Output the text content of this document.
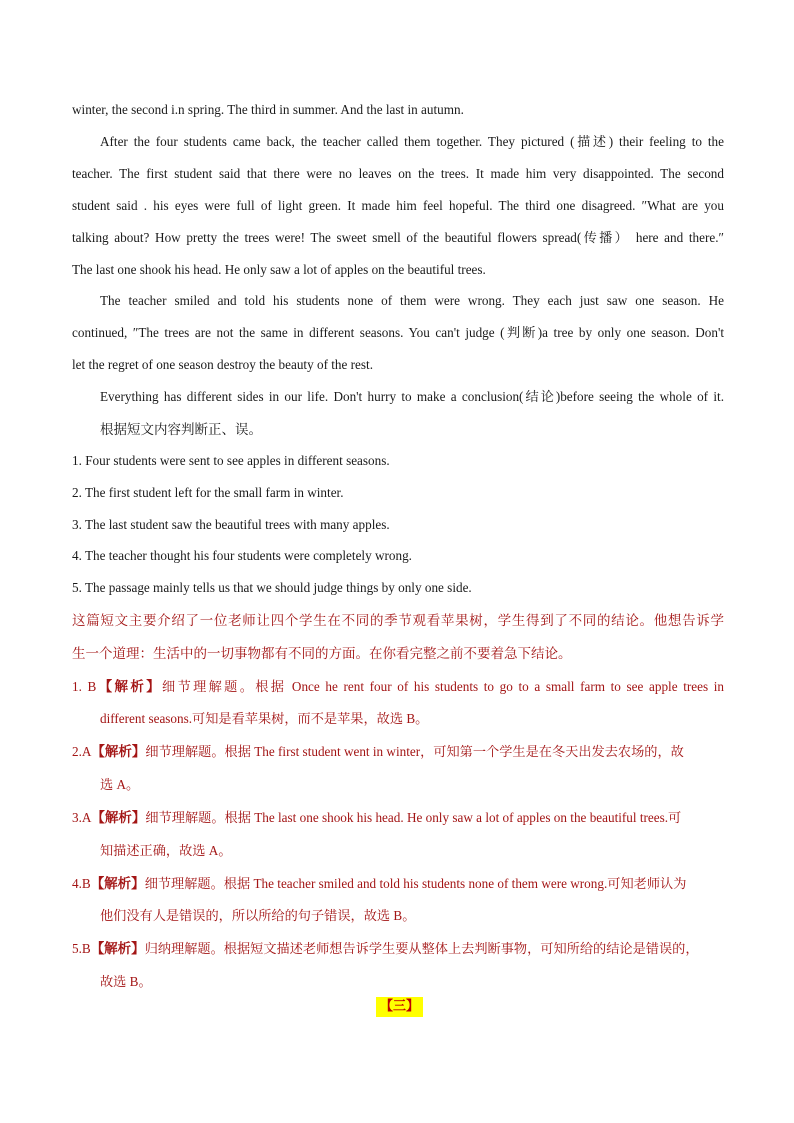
winter, the second i.n spring. The third in summer. And the last in autumn.
After the four students came back, the teacher called them together. They pictured (描述) their feeling to the
teacher. The first student said that there were no leaves on the trees. It made him very disappointed. The second
student said . his eyes were full of light green. It made him feel hopeful. The third one disagreed. ″What are you
talking about? How pretty the trees were! The sweet smell of the beautiful flowers spread(传播） here and there.″
The last one shook his head. He only saw a lot of apples on the beautiful trees.
The teacher smiled and told his students none of them were wrong. They each just saw one season. He
continued, ″The trees are not the same in different seasons. You can't judge (判断)a tree by only one season. Don't
let the regret of one season destroy the beauty of the rest.
Everything has different sides in our life. Don't hurry to make a conclusion(结论)before seeing the whole of it.
根据短文内容判断正、误。
1. Four students were sent to see apples in different seasons.
2. The first student left for the small farm in winter.
3. The last student saw the beautiful trees with many apples.
4. The teacher thought his four students were completely wrong.
5. The passage mainly tells us that we should judge things by only one side.
这篇短文主要介绍了一位老师让四个学生在不同的季节观看苹果树，学生得到了不同的结论。他想告诉学
生一个道理：生活中的一切事物都有不同的方面。在你看完整之前不要着急下结论。
1. B【解析】细节理解题。根据 Once he rent four of his students to go to a small farm to see apple trees in
different seasons.可知是看苹果树，而不是苹果，故选 B。
2.A【解析】细节理解题。根据 The first student went in winter，可知第一个学生是在冬天出发去农场的，故
选 A。
3.A【解析】细节理解题。根据 The last one shook his head. He only saw a lot of apples on the beautiful trees.可
知描述正确，故选 A。
4.B【解析】细节理解题。根据 The teacher smiled and told his students none of them were wrong.可知老师认为
他们没有人是错误的，所以所给的句子错误，故选 B。
5.B【解析】归纳理解题。根据短文描述老师想告诉学生要从整体上去判断事物，可知所给的结论是错误的，
故选 B。
【三】
